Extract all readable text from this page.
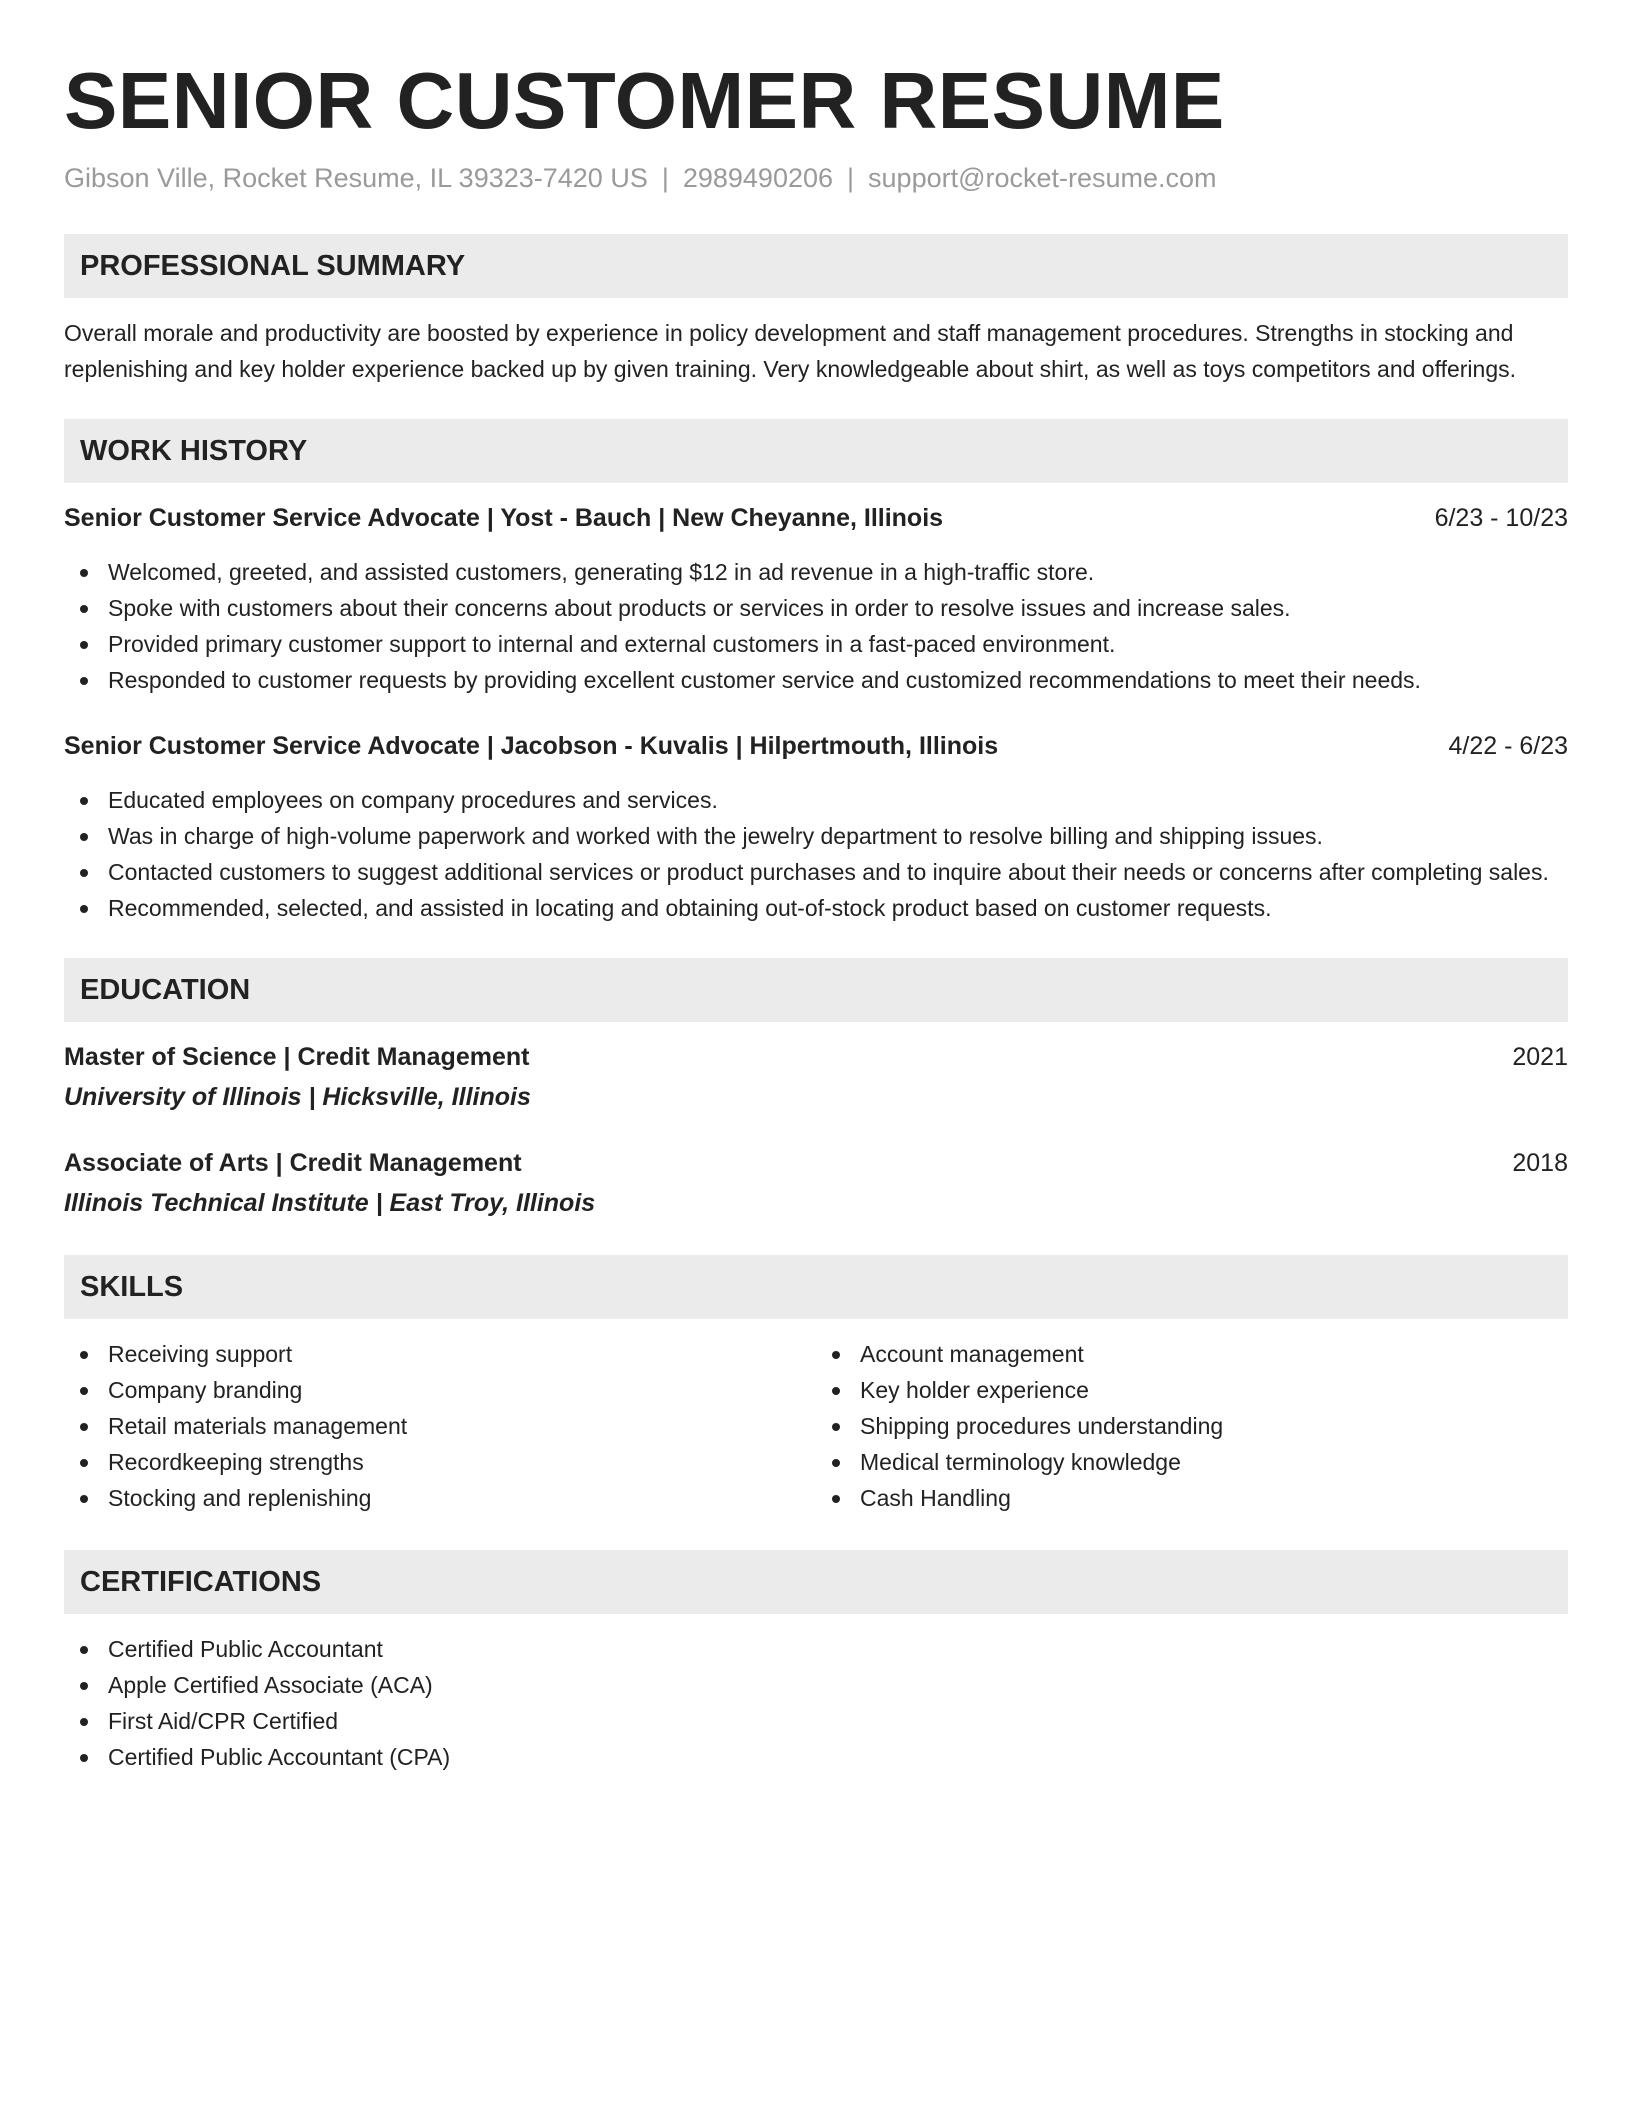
SENIOR CUSTOMER RESUME
Gibson Ville, Rocket Resume, IL 39323-7420 US | 2989490206 | support@rocket-resume.com
PROFESSIONAL SUMMARY

Overall morale and productivity are boosted by experience in policy development and staff management procedures. Strengths in stocking and replenishing and key holder experience backed up by given training. Very knowledgeable about shirt, as well as toys competitors and offerings.

WORK HISTORY
Senior Customer Service Advocate | Yost - Bauch | New Cheyanne, Illinois	6/23 - 10/23
Welcomed, greeted, and assisted customers, generating $12 in ad revenue in a high-traffic store.
Spoke with customers about their concerns about products or services in order to resolve issues and increase sales.
Provided primary customer support to internal and external customers in a fast-paced environment.
Responded to customer requests by providing excellent customer service and customized recommendations to meet their needs.
Senior Customer Service Advocate | Jacobson - Kuvalis | Hilpertmouth, Illinois	4/22 - 6/23
Educated employees on company procedures and services.
Was in charge of high-volume paperwork and worked with the jewelry department to resolve billing and shipping issues.
Contacted customers to suggest additional services or product purchases and to inquire about their needs or concerns after completing sales.
Recommended, selected, and assisted in locating and obtaining out-of-stock product based on customer requests.
EDUCATION
Master of Science | Credit Management	2021
University of Illinois | Hicksville, Illinois
Associate of Arts | Credit Management	2018
Illinois Technical Institute | East Troy, Illinois
SKILLS
Receiving support
Company branding
Retail materials management
Recordkeeping strengths
Stocking and replenishing
Account management
Key holder experience
Shipping procedures understanding
Medical terminology knowledge
Cash Handling
CERTIFICATIONS
Certified Public Accountant
Apple Certified Associate (ACA)
First Aid/CPR Certified
Certified Public Accountant (CPA)
